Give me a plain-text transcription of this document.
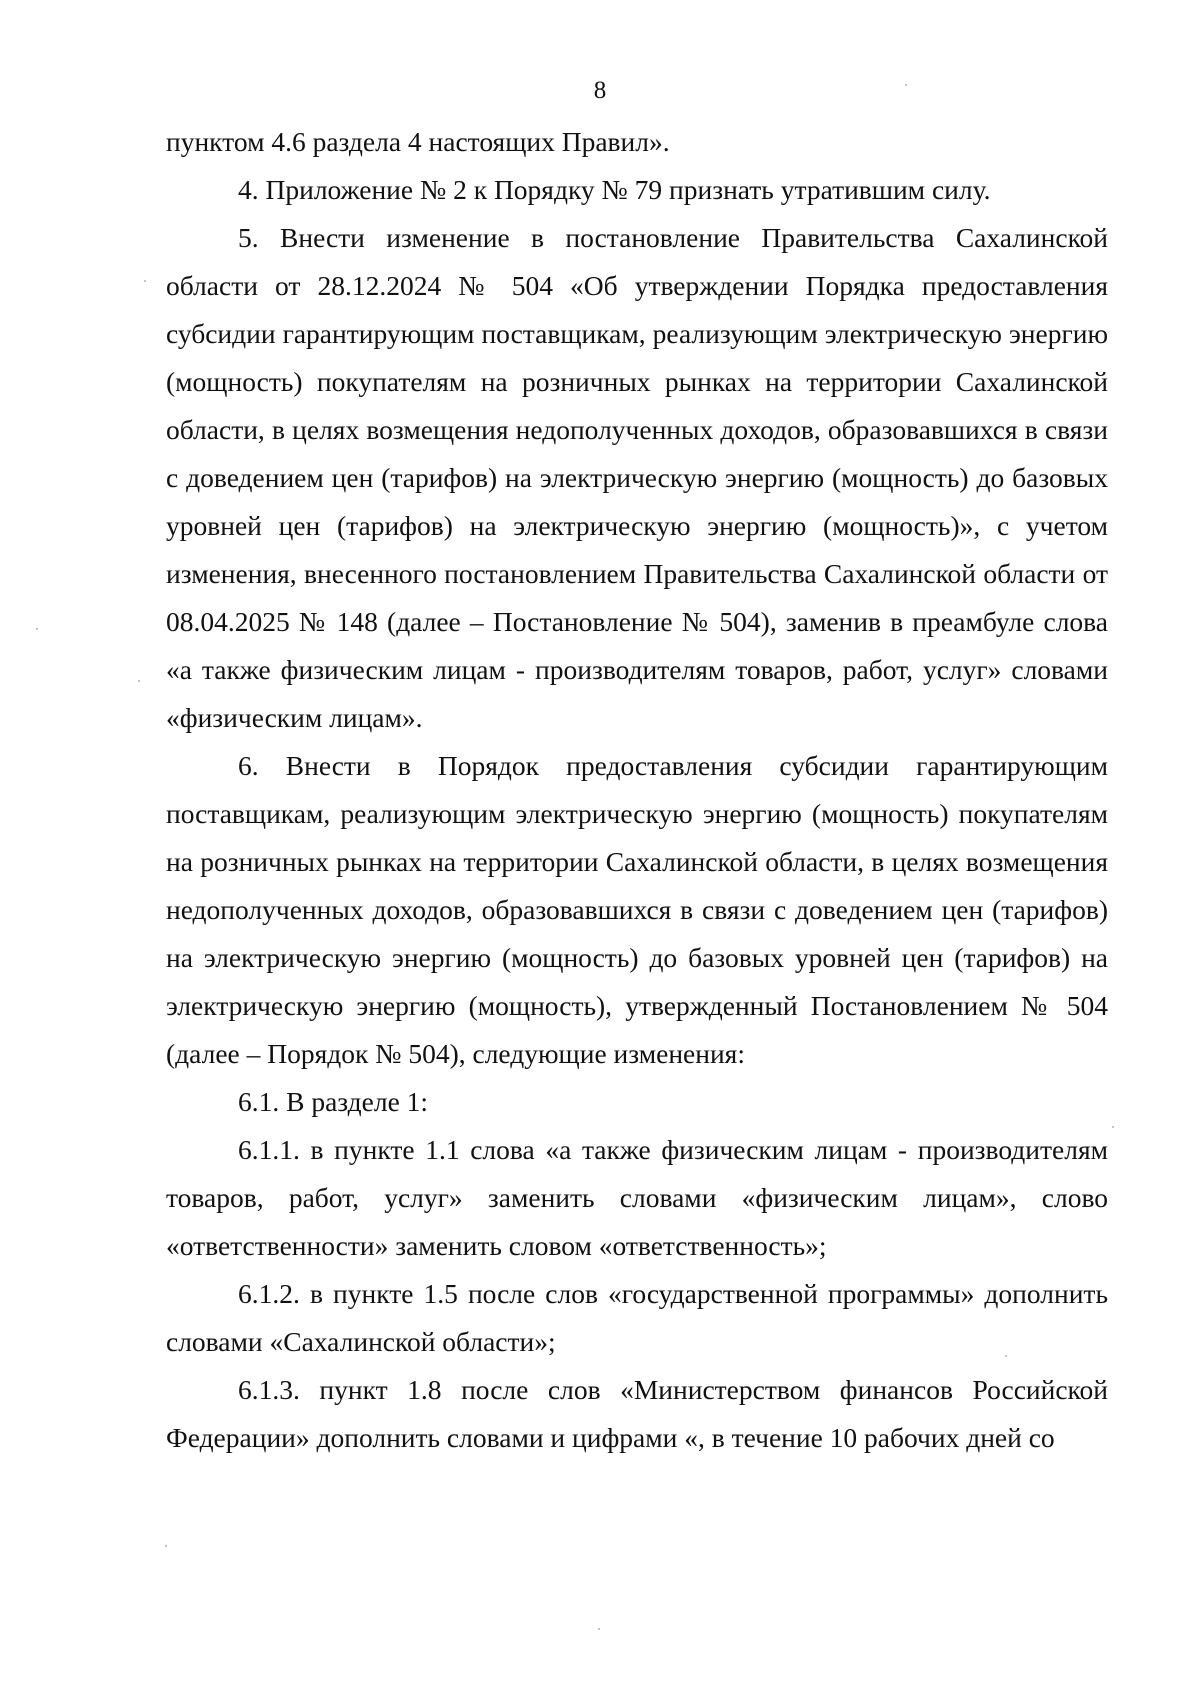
8

пунктом 4.6 раздела 4 настоящих Правил».

4. Приложение № 2 к Порядку № 79 признать утратившим силу.

5. Внести изменение в постановление Правительства Сахалинской области от 28.12.2024 № 504 «Об утверждении Порядка предоставления субсидии гарантирующим поставщикам, реализующим электрическую энергию (мощность) покупателям на розничных рынках на территории Сахалинской области, в целях возмещения недополученных доходов, образовавшихся в связи с доведением цен (тарифов) на электрическую энергию (мощность) до базовых уровней цен (тарифов) на электрическую энергию (мощность)», с учетом изменения, внесенного постановлением Правительства Сахалинской области от 08.04.2025 № 148 (далее – Постановление № 504), заменив в преамбуле слова «а также физическим лицам - производителям товаров, работ, услуг» словами «физическим лицам».

6. Внести в Порядок предоставления субсидии гарантирующим поставщикам, реализующим электрическую энергию (мощность) покупателям на розничных рынках на территории Сахалинской области, в целях возмещения недополученных доходов, образовавшихся в связи с доведением цен (тарифов) на электрическую энергию (мощность) до базовых уровней цен (тарифов) на электрическую энергию (мощность), утвержденный Постановлением № 504 (далее – Порядок № 504), следующие изменения:

6.1. В разделе 1:

6.1.1. в пункте 1.1 слова «а также физическим лицам - производителям товаров, работ, услуг» заменить словами «физическим лицам», слово «ответственности» заменить словом «ответственность»;

6.1.2. в пункте 1.5 после слов «государственной программы» дополнить словами «Сахалинской области»;

6.1.3. пункт 1.8 после слов «Министерством финансов Российской Федерации» дополнить словами и цифрами «, в течение 10 рабочих дней со
